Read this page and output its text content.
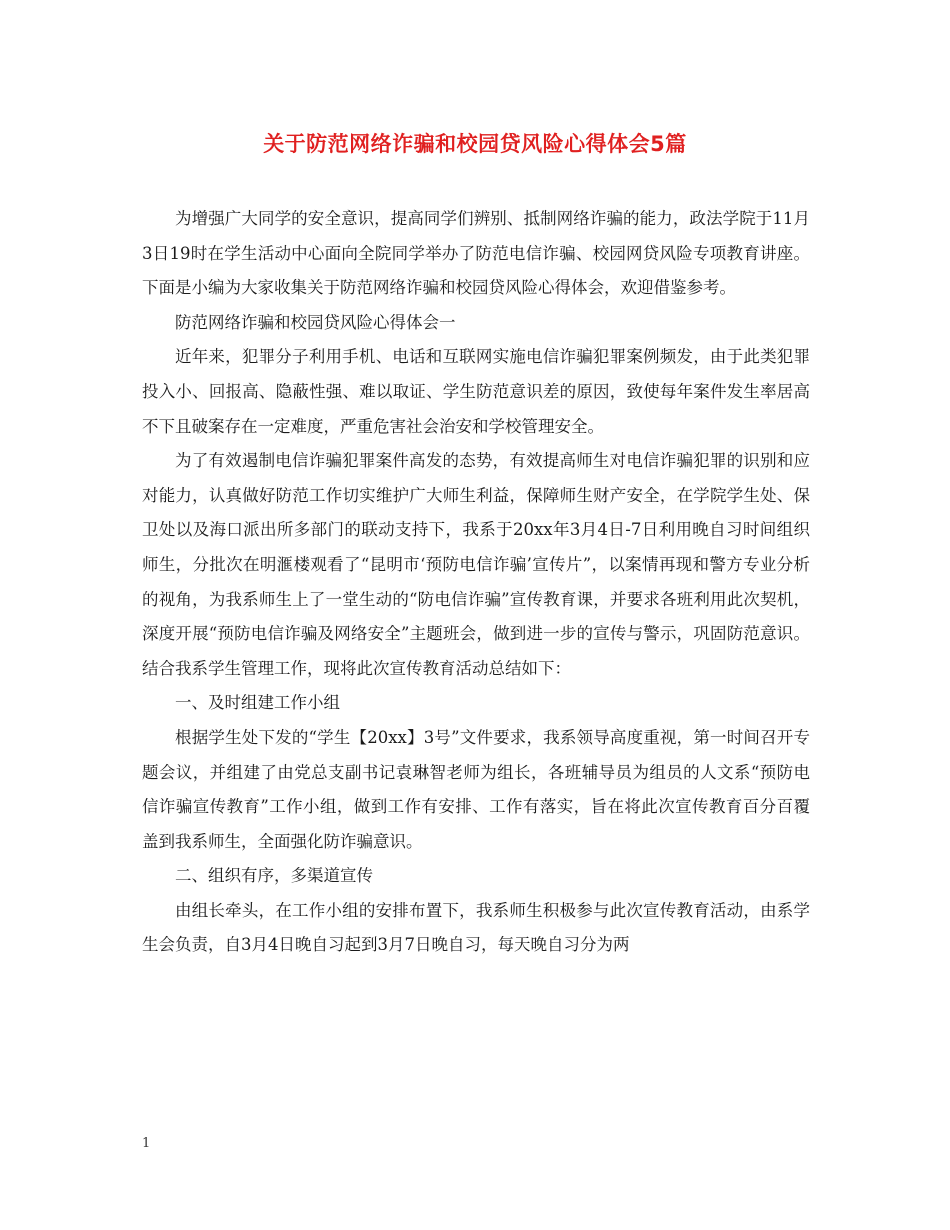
关于防范网络诈骗和校园贷风险心得体会5篇

为增强广大同学的安全意识，提高同学们辨别、抵制网络诈骗的能力，政法学院于11月3日19时在学生活动中心面向全院同学举办了防范电信诈骗、校园网贷风险专项教育讲座。下面是小编为大家收集关于防范网络诈骗和校园贷风险心得体会，欢迎借鉴参考。

防范网络诈骗和校园贷风险心得体会一

近年来，犯罪分子利用手机、电话和互联网实施电信诈骗犯罪案例频发，由于此类犯罪投入小、回报高、隐蔽性强、难以取证、学生防范意识差的原因，致使每年案件发生率居高不下且破案存在一定难度，严重危害社会治安和学校管理安全。

为了有效遏制电信诈骗犯罪案件高发的态势，有效提高师生对电信诈骗犯罪的识别和应对能力，认真做好防范工作切实维护广大师生利益，保障师生财产安全，在学院学生处、保卫处以及海口派出所多部门的联动支持下，我系于20xx年3月4日-7日利用晚自习时间组织师生，分批次在明滙楼观看了“昆明市‘预防电信诈骗’宣传片”，以案情再现和警方专业分析的视角，为我系师生上了一堂生动的“防电信诈骗”宣传教育课，并要求各班利用此次契机，深度开展“预防电信诈骗及网络安全”主题班会，做到进一步的宣传与警示，巩固防范意识。结合我系学生管理工作，现将此次宣传教育活动总结如下：

一、及时组建工作小组

根据学生处下发的“学生【20xx】3号”文件要求，我系领导高度重视，第一时间召开专题会议，并组建了由党总支副书记袁琳智老师为组长，各班辅导员为组员的人文系“预防电信诈骗宣传教育”工作小组，做到工作有安排、工作有落实，旨在将此次宣传教育百分百覆盖到我系师生，全面强化防诈骗意识。

二、组织有序，多渠道宣传

由组长牵头，在工作小组的安排布置下，我系师生积极参与此次宣传教育活动，由系学生会负责，自3月4日晚自习起到3月7日晚自习，每天晚自习分为两

1
